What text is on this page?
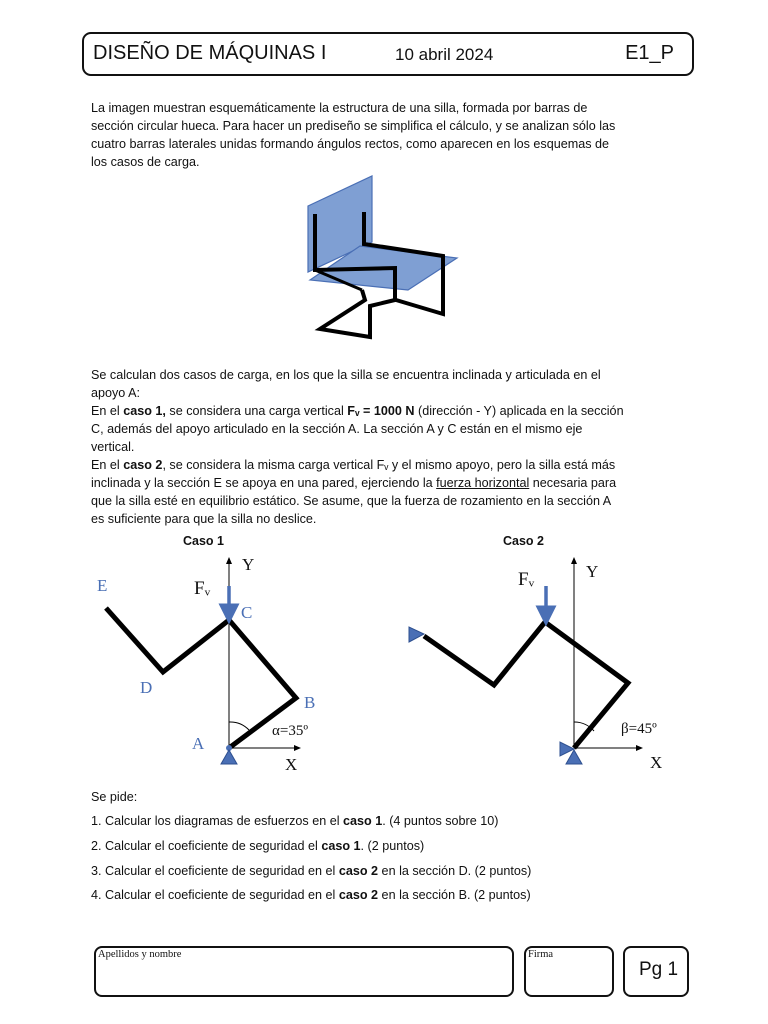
DISEÑO DE MÁQUINAS I	10 abril 2024	E1_P

La imagen muestran esquemáticamente la estructura de una silla, formada por barras de
sección circular hueca. Para hacer un prediseño se simplifica el cálculo, y se analizan sólo las
cuatro barras laterales unidas formando ángulos rectos, como aparecen en los esquemas de
los casos de carga.

Se calculan dos casos de carga, en los que la silla se encuentra inclinada y articulada en el
apoyo A:
En el caso 1, se considera una carga vertical Fᵥ = 1000 N (dirección - Y) aplicada en la sección
C, además del apoyo articulado en la sección A. La sección A y C están en el mismo eje
vertical.
En el caso 2, se considera la misma carga vertical Fᵥ y el mismo apoyo, pero la silla está más
inclinada y la sección E se apoya en una pared, ejerciendo la fuerza horizontal necesaria para
que la silla esté en equilibrio estático. Se asume, que la fuerza de rozamiento en la sección A
es suficiente para que la silla no deslice.
Caso 1
Y
X
Fᵥ
E
C
D
B
A
α=35º
Caso 2
Y
X
Fᵥ
β=45º
Se pide:
1. Calcular los diagramas de esfuerzos en el caso 1. (4 puntos sobre 10)
2. Calcular el coeficiente de seguridad el caso 1. (2 puntos)
3. Calcular el coeficiente de seguridad en el caso 2 en la sección D. (2 puntos)
4. Calcular el coeficiente de seguridad en el caso 2 en la sección B. (2 puntos)
Apellidos y nombre	Firma
Pg 1
